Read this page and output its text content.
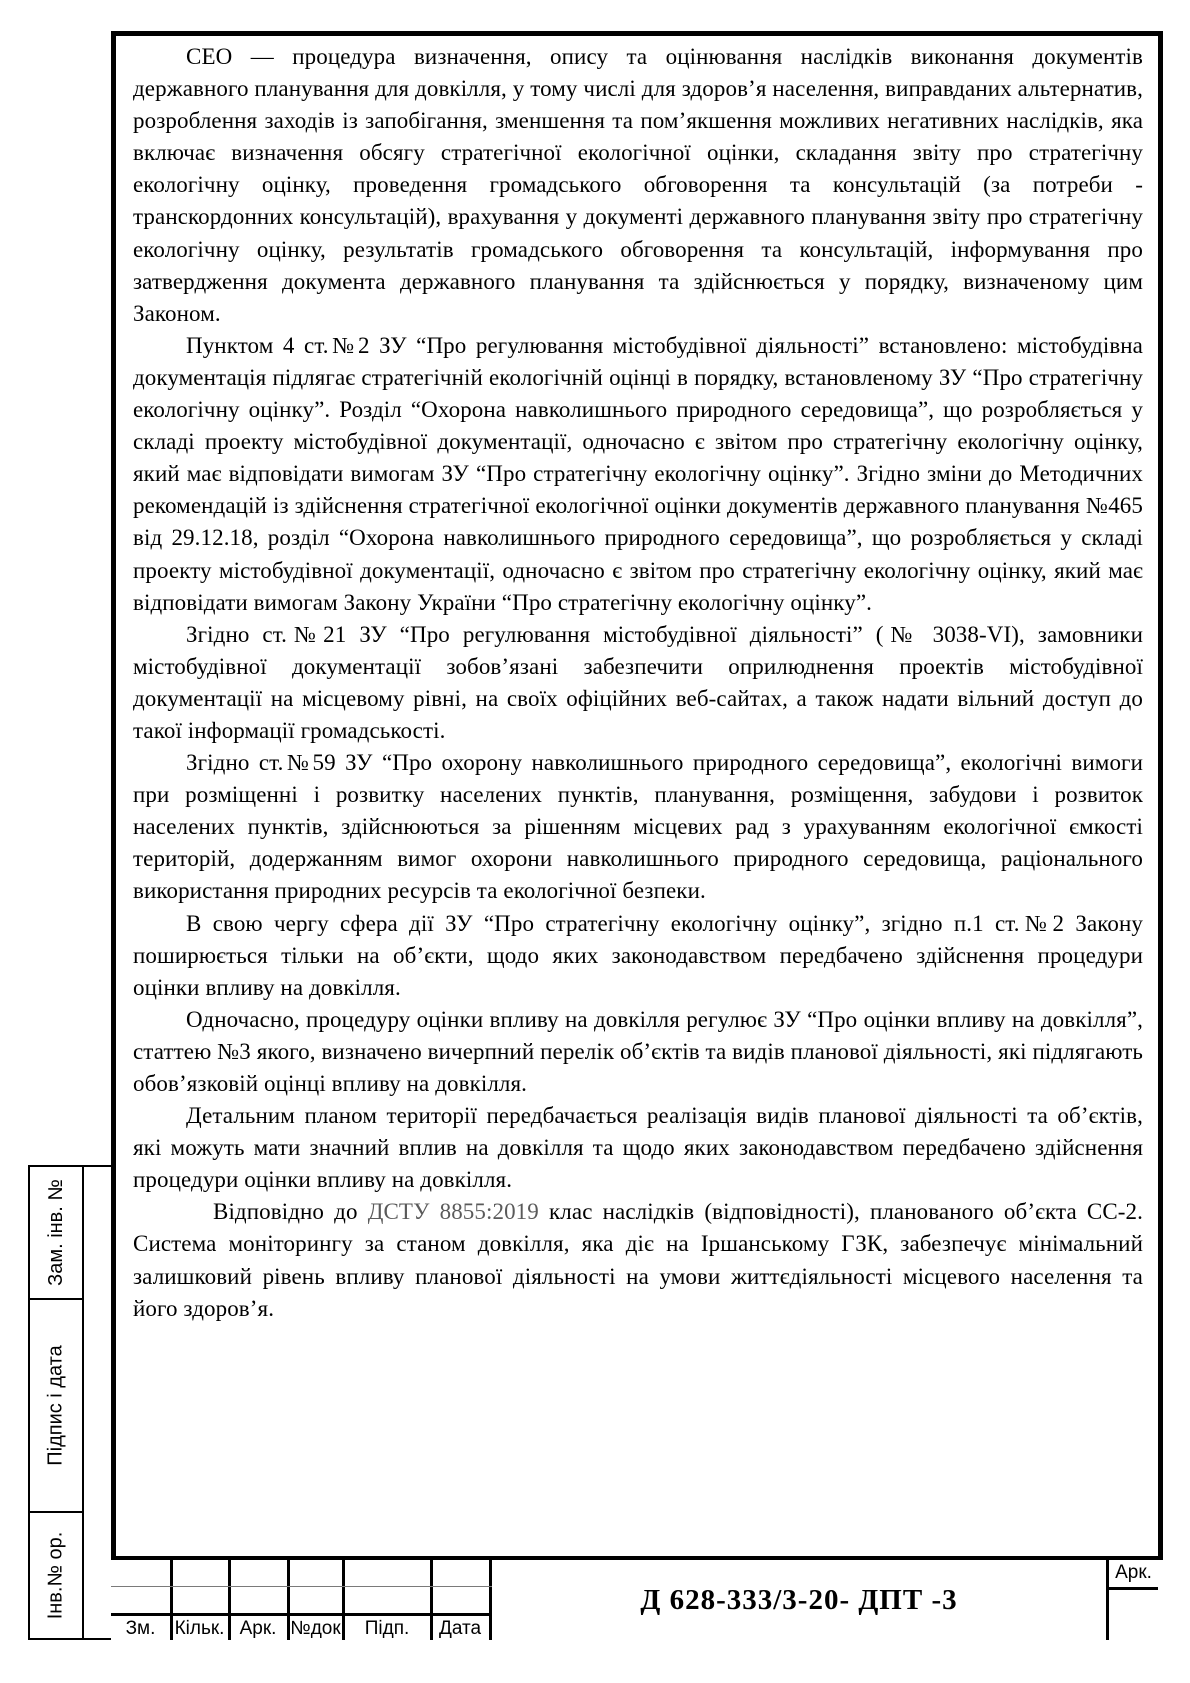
СЕО — процедура визначення, опису та оцінювання наслідків виконання документів державного планування для довкілля, у тому числі для здоров’я населення, виправданих альтернатив, розроблення заходів із запобігання, зменшення та пом’якшення можливих негативних наслідків, яка включає визначення обсягу стратегічної екологічної оцінки, складання звіту про стратегічну екологічну оцінку, проведення громадського обговорення та консультацій (за потреби - транскордонних консультацій), врахування у документі державного планування звіту про стратегічну екологічну оцінку, результатів громадського обговорення та консультацій, інформування про затвердження документа державного планування та здійснюється у порядку, визначеному цим Законом.

Пунктом 4 ст.№2 ЗУ “Про регулювання містобудівної діяльності” встановлено: містобудівна документація підлягає стратегічній екологічній оцінці в порядку, встановленому ЗУ “Про стратегічну екологічну оцінку”. Розділ “Охорона навколишнього природного середовища”, що розробляється у складі проекту містобудівної документації, одночасно є звітом про стратегічну екологічну оцінку, який має відповідати вимогам ЗУ “Про стратегічну екологічну оцінку”. Згідно зміни до Методичних рекомендацій із здійснення стратегічної екологічної оцінки документів державного планування №465 від 29.12.18, розділ “Охорона навколишнього природного середовища”, що розробляється у складі проекту містобудівної документації, одночасно є звітом про стратегічну екологічну оцінку, який має відповідати вимогам Закону України “Про стратегічну екологічну оцінку”.

Згідно ст.№21 ЗУ “Про регулювання містобудівної діяльності” (№ 3038-VI), замовники містобудівної документації зобов’язані забезпечити оприлюднення проектів містобудівної документації на місцевому рівні, на своїх офіційних веб-сайтах, а також надати вільний доступ до такої інформації громадськості.

Згідно ст.№59 ЗУ “Про охорону навколишнього природного середовища”, екологічні вимоги при розміщенні і розвитку населених пунктів, планування, розміщення, забудови і розвиток населених пунктів, здійснюються за рішенням місцевих рад з урахуванням екологічної ємкості територій, додержанням вимог охорони навколишнього природного середовища, раціонального використання природних ресурсів та екологічної безпеки.

В свою чергу сфера дії ЗУ “Про стратегічну екологічну оцінку”, згідно п.1 ст.№2 Закону поширюється тільки на об’єкти, щодо яких законодавством передбачено здійснення процедури оцінки впливу на довкілля.

Одночасно, процедуру оцінки впливу на довкілля регулює ЗУ “Про оцінки впливу на довкілля”, статтею №3 якого, визначено вичерпний перелік об’єктів та видів планової діяльності, які підлягають обов’язковій оцінці впливу на довкілля.

Детальним планом території передбачається реалізація видів планової діяльності та об’єктів, які можуть мати значний вплив на довкілля та щодо яких законодавством передбачено здійснення процедури оцінки впливу на довкілля.

Відповідно до ДСТУ 8855:2019 клас наслідків (відповідності), планованого об’єкта СС-2. Система моніторингу за станом довкілля, яка діє на Іршанському ГЗК, забезпечує мінімальний залишковий рівень впливу планової діяльності на умови життєдіяльності місцевого населення та його здоров’я.

Зам. інв. №
Підпис і дата
Інв.№ ор.
Зм.	Кільк. Арк. №док	Підп.	Дата
Д 628-333/3-20- ДПТ -3
Арк.
